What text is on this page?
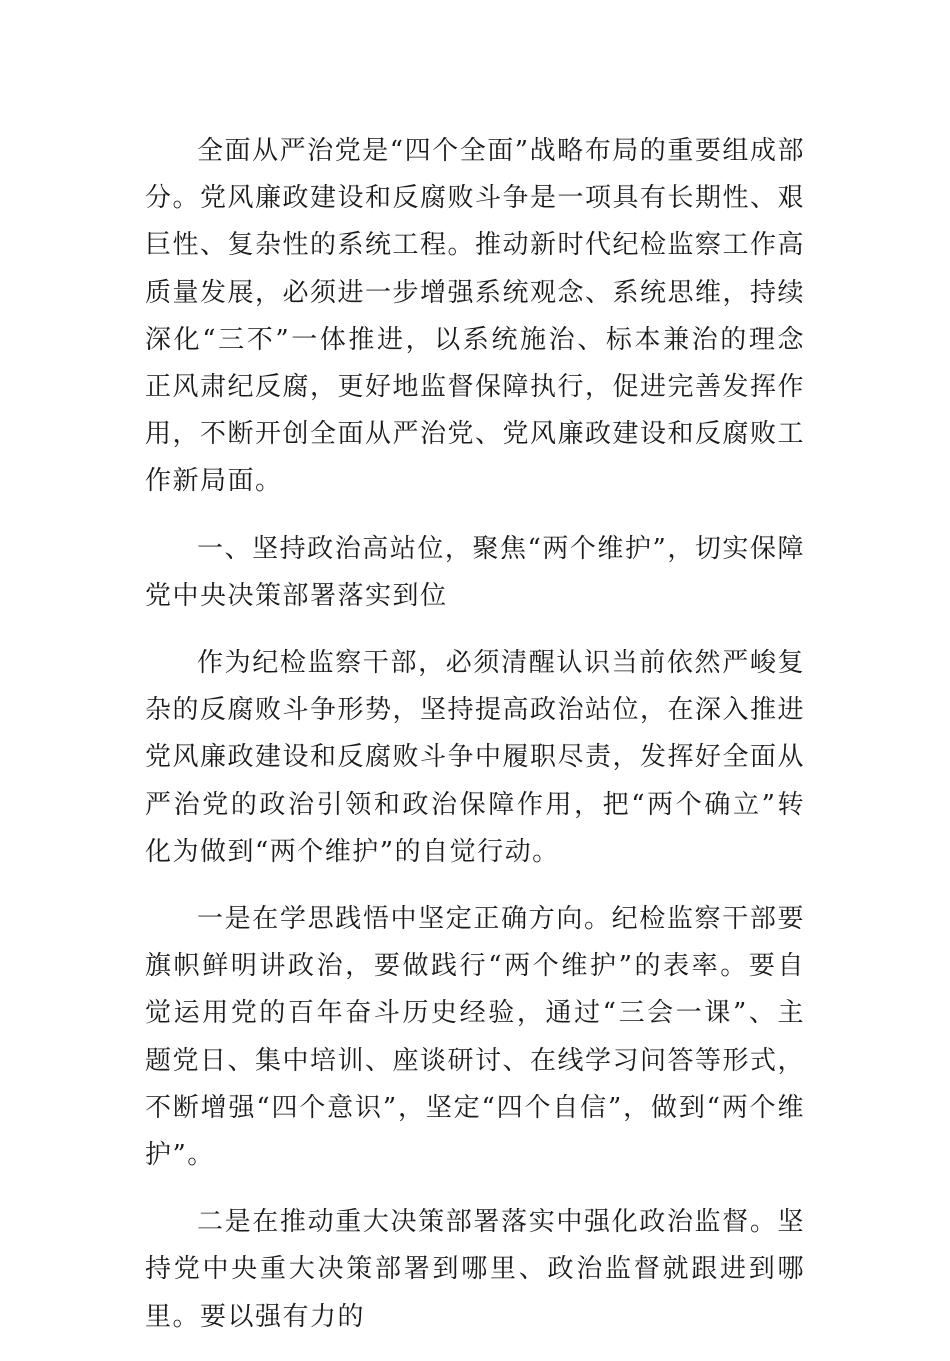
全面从严治党是“四个全面”战略布局的重要组成部分。党风廉政建设和反腐败斗争是一项具有长期性、艰巨性、复杂性的系统工程。推动新时代纪检监察工作高质量发展，必须进一步增强系统观念、系统思维，持续深化“三不”一体推进，以系统施治、标本兼治的理念正风肃纪反腐，更好地监督保障执行，促进完善发挥作用，不断开创全面从严治党、党风廉政建设和反腐败工作新局面。

一、坚持政治高站位，聚焦“两个维护”，切实保障党中央决策部署落实到位

作为纪检监察干部，必须清醒认识当前依然严峻复杂的反腐败斗争形势，坚持提高政治站位，在深入推进党风廉政建设和反腐败斗争中履职尽责，发挥好全面从严治党的政治引领和政治保障作用，把“两个确立”转化为做到“两个维护”的自觉行动。

一是在学思践悟中坚定正确方向。纪检监察干部要旗帜鲜明讲政治，要做践行“两个维护”的表率。要自觉运用党的百年奋斗历史经验，通过“三会一课”、主题党日、集中培训、座谈研讨、在线学习问答等形式，不断增强“四个意识”，坚定“四个自信”，做到“两个维护”。

二是在推动重大决策部署落实中强化政治监督。坚持党中央重大决策部署到哪里、政治监督就跟进到哪里。要以强有力的
